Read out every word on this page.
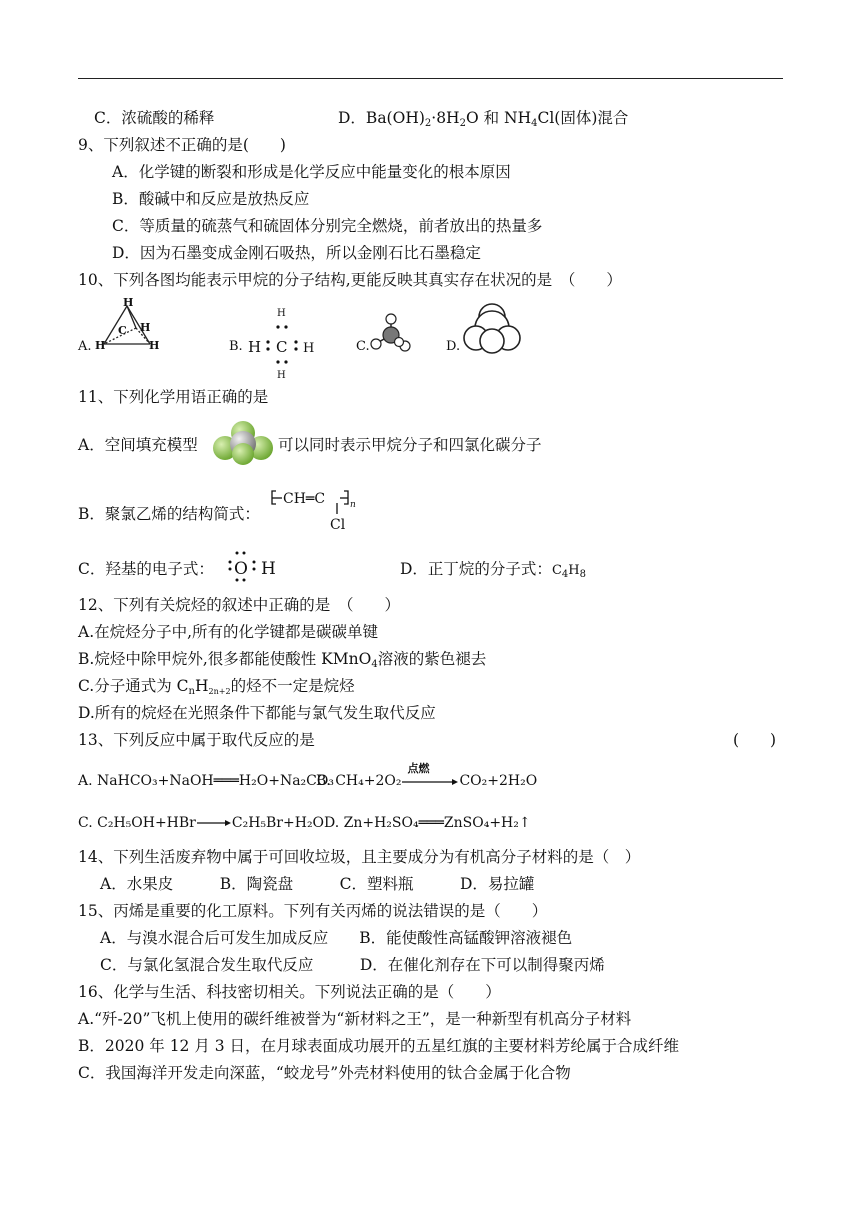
C．浓硫酸的稀释	D．$Ba(OH)_2\cdot 8H_2O$ 和 $NH_4Cl$(固体)混合
9、下列叙述不正确的是(　　)
A．化学键的断裂和形成是化学反应中能量变化的根本原因
B．酸碱中和反应是放热反应
C．等质量的硫蒸气和硫固体分别完全燃烧，前者放出的热量多
D．因为石墨变成金刚石吸热，所以金刚石比石墨稳定
10、下列各图均能表示甲烷的分子结构,更能反映其真实存在状况的是　（　　）
A.
H
C H
H	H	B.
H
H C H
H
C.	D.
11、下列化学用语正确的是
A．空间填充模型	可以同时表示甲烷分子和四氯化碳分子
B．聚氯乙烯的结构简式：
CH═C	n
Cl
C．羟基的电子式： O H	D．正丁烷的分子式：$C_4H_8$
12、下列有关烷烃的叙述中正确的是　（　　）
A.在烷烃分子中,所有的化学键都是碳碳单键
B.烷烃中除甲烷外,很多都能使酸性 KMnO$_4$溶液的紫色褪去
C.分子通式为 $C_nH_{2n+2}$的烃不一定是烷烃
D.所有的烷烃在光照条件下都能与氯气发生取代反应
13、下列反应中属于取代反应的是	(　　)
A. NaHCO₃+NaOH═══H₂O+Na₂CO₃
B. CH₄+2O₂
点燃
CO₂+2H₂O
C. C₂H₅OH+HBr→C₂H₅Br+H₂O D. Zn+H₂SO₄═══ZnSO₄+H₂↑
14、下列生活废弃物中属于可回收垃圾，且主要成分为有机高分子材料的是（　）
A．水果皮　　　B．陶瓷盘　　　C．塑料瓶　　　D．易拉罐
15、丙烯是重要的化工原料。下列有关丙烯的说法错误的是（　　）
A．与溴水混合后可发生加成反应　　B．能使酸性高锰酸钾溶液褪色
C．与氯化氢混合发生取代反应　　　D．在催化剂存在下可以制得聚丙烯
16、化学与生活、科技密切相关。下列说法正确的是（　　）
A.“歼-20”飞机上使用的碳纤维被誉为“新材料之王”，是一种新型有机高分子材料
B．2020 年 12 月 3 日，在月球表面成功展开的五星红旗的主要材料芳纶属于合成纤维
C．我国海洋开发走向深蓝，“蛟龙号”外壳材料使用的钛合金属于化合物
